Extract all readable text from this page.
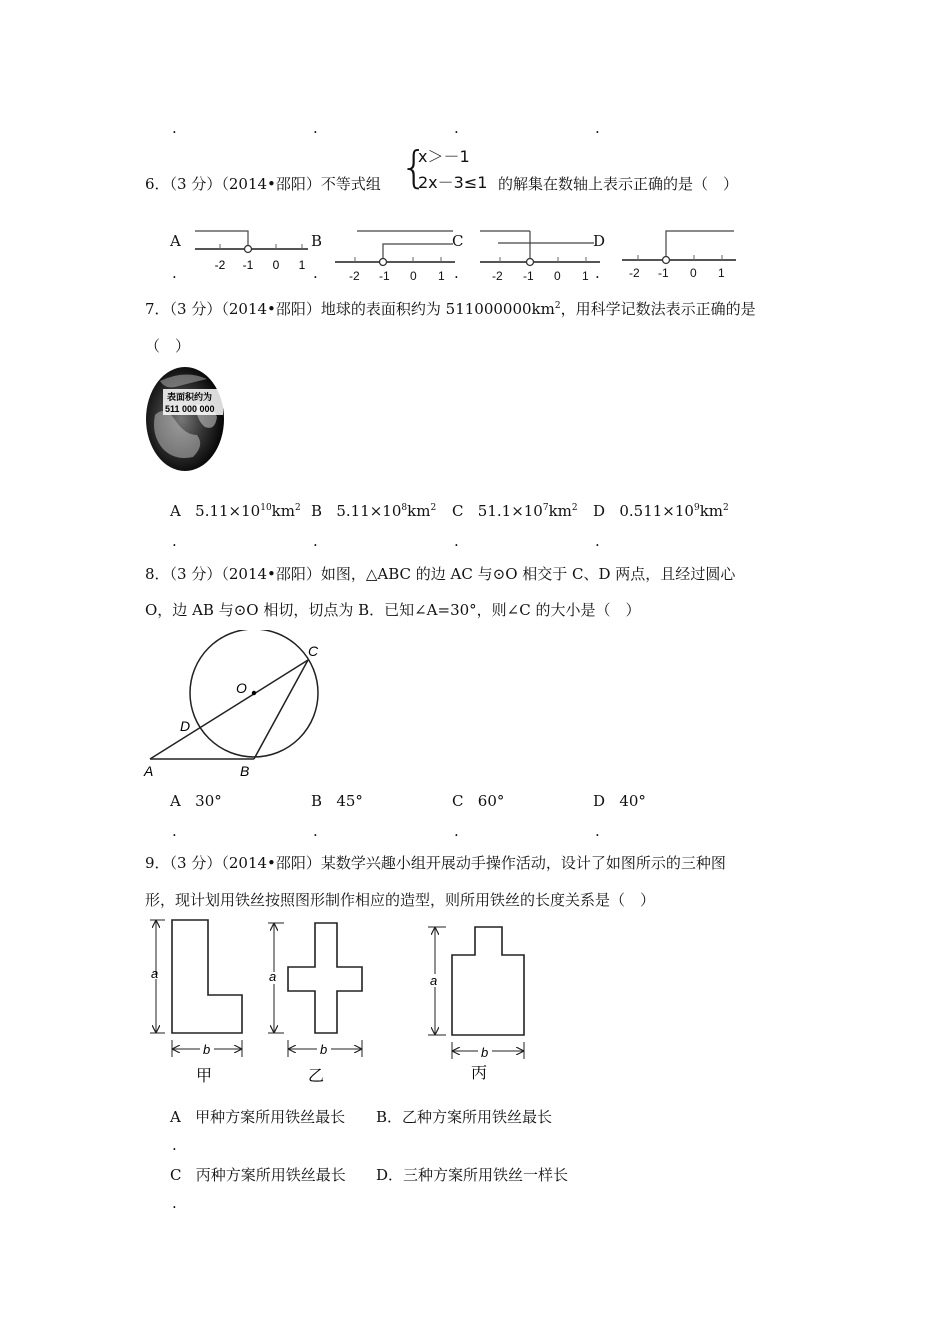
.	.	.	.
6．（3 分）（2014•邵阳）不等式组 {
x＞－1
2x－3≤1 的解集在数轴上表示正确的是（　）
A	B	C	D
-2 -1 0 1
-2 -1 0 1	-2 -1 0 1	-2 -1 0 1
.	.	.	.
7．（3 分）（2014•邵阳）地球的表面积约为 $511000000km^2$，用科学记数法表示正确的是
（　）
表面积约为
511 000 000
A $5.11\times 10^{10}km^2$ B $5.11\times 10^8km^2$ C $51.1\times 10^7km^2$ D $0.511\times 10^9km^2$
.	.	.	.
8．（3 分）（2014•邵阳）如图，△ABC 的边 AC 与⊙O 相交于 C、D 两点，且经过圆心
O，边 AB 与⊙O 相切，切点为 B．已知∠A=30°，则∠C 的大小是（　）
A	B
C
D
O
A 30°	B 45°	C 60°	D 40°
.	.	.	.
9．（3 分）（2014•邵阳）某数学兴趣小组开展动手操作活动，设计了如图所示的三种图
形，现计划用铁丝按照图形制作相应的造型，则所用铁丝的长度关系是（　）
a
b
甲
a
b
乙
a
b
丙
A 甲种方案所用铁丝最长 B．乙种方案所用铁丝最长
.
C 丙种方案所用铁丝最长 D．三种方案所用铁丝一样长
.
